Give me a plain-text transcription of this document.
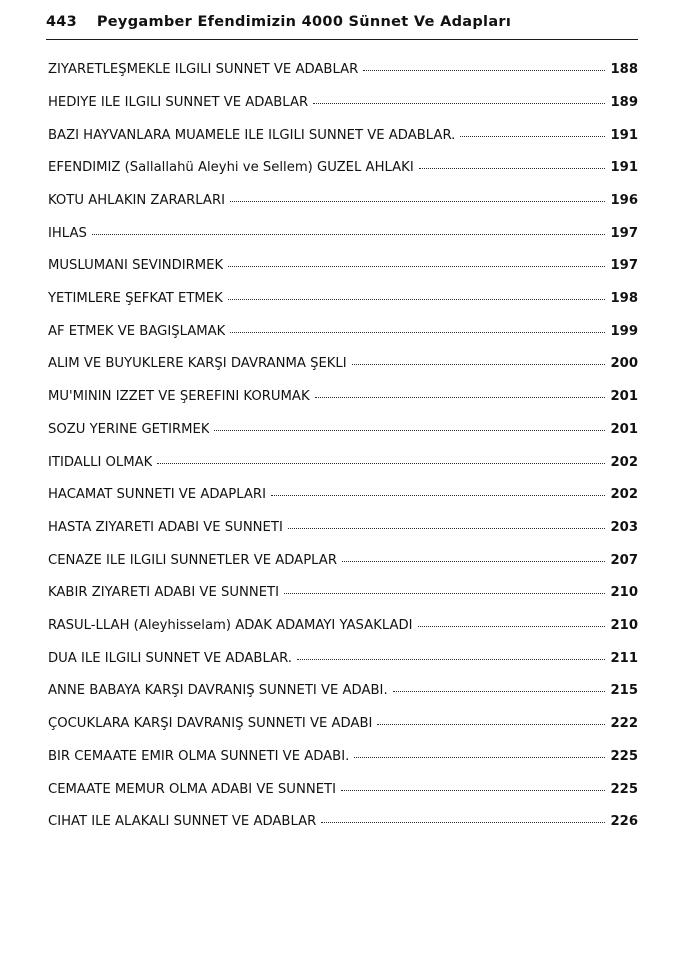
443 Peygamber Efendimizin 4000 Sünnet Ve Adapları
ZİYARETLEŞMEKLE İLGİLİ SÜNNET VE ADÂBLAR	188
HEDİYE İLE İLGİLİ SÜNNET VE ADÂBLAR	189
BAZI HAYVANLARA MUAMELE İLE İLGİLİ SÜNNET VE ADÂBLAR.	191
EFENDİMİZ (Sallallahü Aleyhi ve Sellem) GÜZEL AHLÂKI	191
KÖTÜ AHLAKIN ZARARLARI	196
İHLAS	197
MÜSLÜMANI SEVİNDİRMEK	197
YETİMLERE ŞEFKAT ETMEK	198
AF ETMEK VE BAĞIŞLAMAK	199
ALİM VE BÜYÜKLERE KARŞI DAVRANMA ŞEKLİ	200
MÜ'MİNİN İZZET VE ŞEREFİNİ KORUMAK	201
SÖZÜ YERİNE GETİRMEK	201
İTİDALLİ OLMAK	202
HACAMAT SÜNNETİ VE ADAPLARI	202
HASTA ZİYARETİ ADABI VE SÜNNETİ	203
CENAZE İLE İLGİLİ SÜNNETLER VE ADAPLAR	207
KABİR ZİYARETİ ADABI VE SÜNNETİ	210
RASUL-LLAH (Aleyhisselam) ADAK ADAMAYI YASAKLADI	210
DUA İLE İLGİLİ SÜNNET VE ÂDABLÂR.	211
ANNE BABAYA KARŞI DAVRANIŞ SÜNNETİ VE ADABI.	215
ÇOCUKLARA KARŞI DAVRANIŞ SÜNNETİ VE ADABI	222
BİR CEMAATE EMİR OLMA SÜNNETİ VE ADABI.	225
CEMAATE MEMUR OLMA ADABI VE SÜNNETİ	225
CİHAT İLE ALAKALI SÜNNET VE ADABLAR	226
